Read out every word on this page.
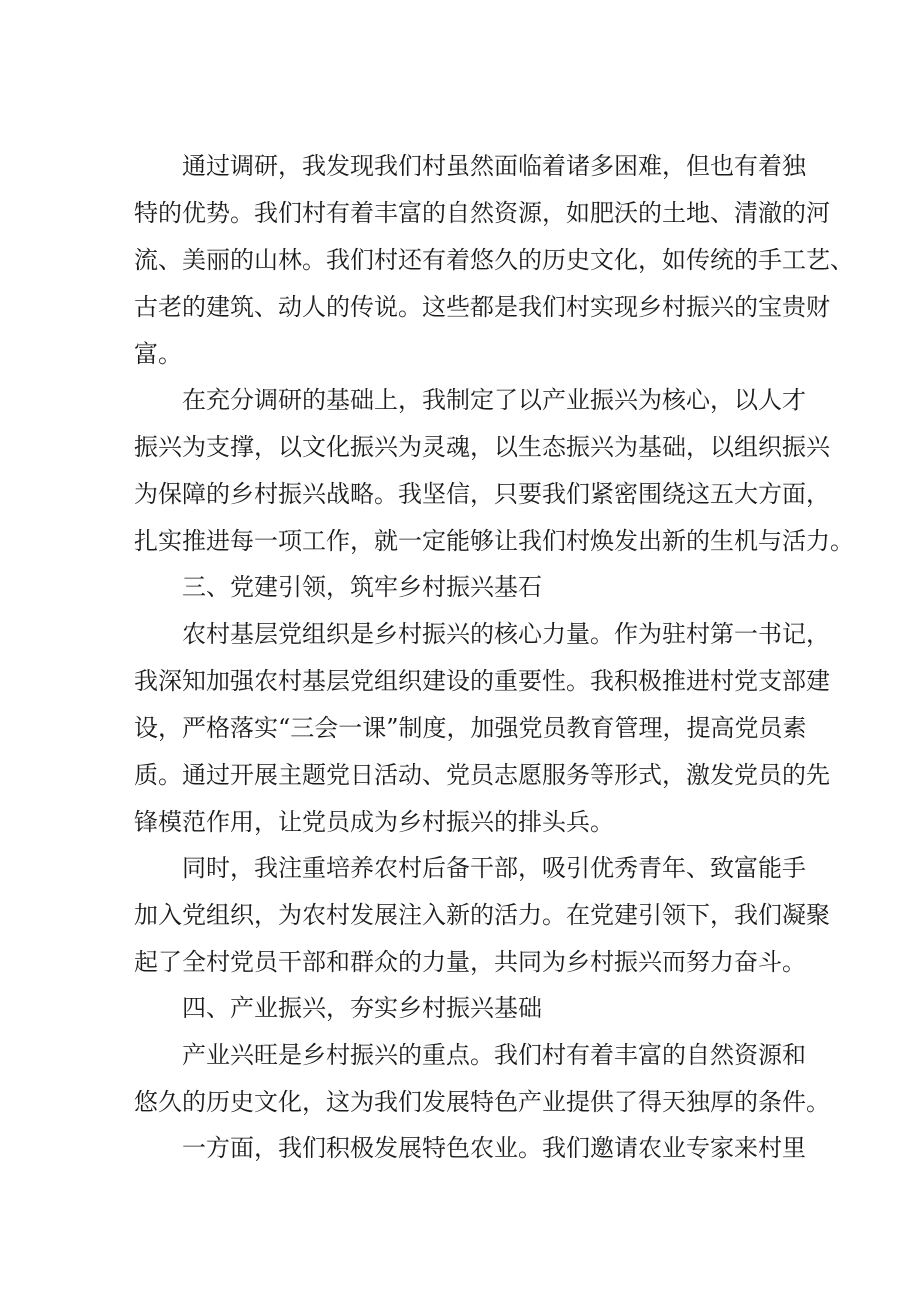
通过调研，我发现我们村虽然面临着诸多困难，但也有着独
特的优势。我们村有着丰富的自然资源，如肥沃的土地、清澈的河
流、美丽的山林。我们村还有着悠久的历史文化，如传统的手工艺、
古老的建筑、动人的传说。这些都是我们村实现乡村振兴的宝贵财
富。
在充分调研的基础上，我制定了以产业振兴为核心，以人才
振兴为支撑，以文化振兴为灵魂，以生态振兴为基础，以组织振兴
为保障的乡村振兴战略。我坚信，只要我们紧密围绕这五大方面，
扎实推进每一项工作，就一定能够让我们村焕发出新的生机与活力。
三、党建引领，筑牢乡村振兴基石
农村基层党组织是乡村振兴的核心力量。作为驻村第一书记，
我深知加强农村基层党组织建设的重要性。我积极推进村党支部建
设，严格落实“三会一课”制度，加强党员教育管理，提高党员素
质。通过开展主题党日活动、党员志愿服务等形式，激发党员的先
锋模范作用，让党员成为乡村振兴的排头兵。
同时，我注重培养农村后备干部，吸引优秀青年、致富能手
加入党组织，为农村发展注入新的活力。在党建引领下，我们凝聚
起了全村党员干部和群众的力量，共同为乡村振兴而努力奋斗。
四、产业振兴，夯实乡村振兴基础
产业兴旺是乡村振兴的重点。我们村有着丰富的自然资源和
悠久的历史文化，这为我们发展特色产业提供了得天独厚的条件。
一方面，我们积极发展特色农业。我们邀请农业专家来村里
